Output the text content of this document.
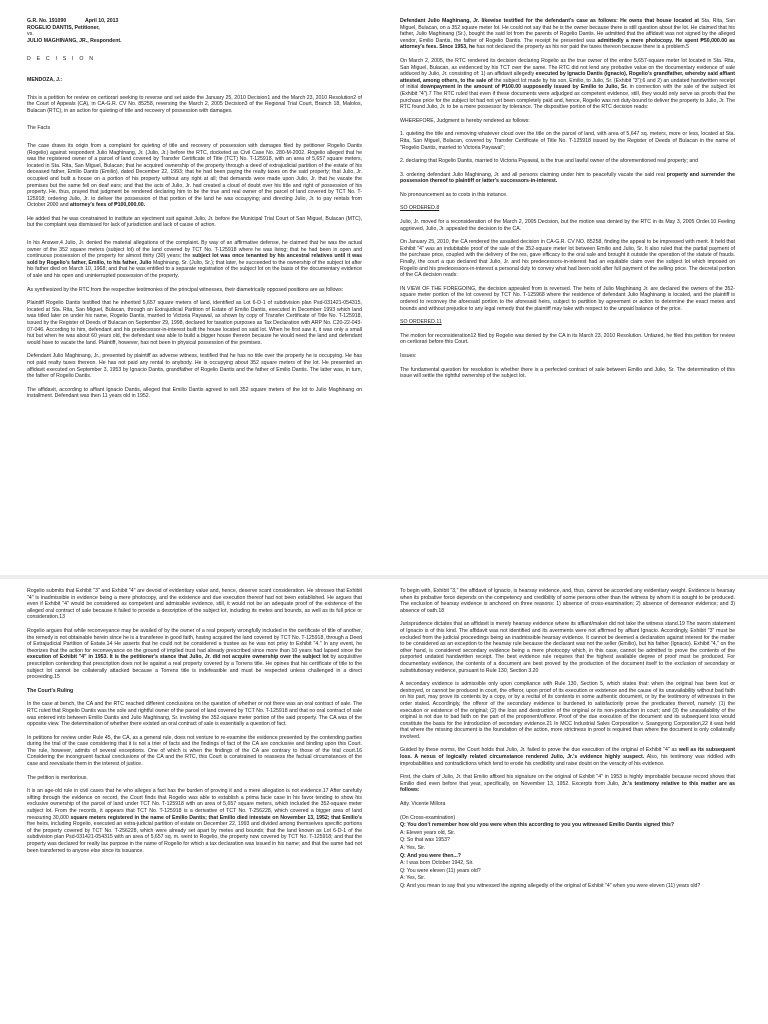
G.R. No. 191090	April 10, 2013

ROGELIO DANTIS, Petitioner,

vs.

JULIO MAGHINANG, JR., Respondent.

D E C I S I O N

MENDOZA, J.:

This is a petition for review on certiorari seeking to reverse and set aside the January 25, 2010 Decision1 and the March 23, 2010 Resolution2 of the Court of Appeals (CA), in CA-G.R. CV No. 85258, reversing the March 2, 2005 Decision3 of the Regional Trial Court, Branch 18, Malolos, Bulacan (RTC), in an action for quieting of title and recovery of possession with damages.

The Facts

The case draws its origin from a complaint for quieting of title and recovery of possession with damages filed by petitioner Rogelio Dantis (Rogelio) against respondent Julio Maghinang, Jr. (Julio, Jr.) before the RTC, docketed as Civil Case No. 280-M-2002. Rogelio alleged that he was the registered owner of a parcel of land covered by Transfer Certificate of Title (TCT) No. T-125918, with an area of 5,657 square meters, located in Sta. Rita, San Miguel, Bulacan; that he acquired ownership of the property through a deed of extrajudicial partition of the estate of his deceased father, Emilio Dantis (Emilio), dated December 22, 1993; that he had been paying the realty taxes on the said property; that Julio, Jr. occupied and built a house on a portion of his property without any right at all; that demands were made upon Julio, Jr. that he vacate the premises but the same fell on deaf ears; and that the acts of Julio, Jr. had created a cloud of doubt over his title and right of possession of his property. He, thus, prayed that judgment be rendered declaring him to be the true and real owner of the parcel of land covered by TCT No. T-125918; ordering Julio, Jr. to deliver the possession of that portion of the land he was occupying; and directing Julio, Jr. to pay rentals from October 2000 and attorney's fees of ₱100,000.00.

He added that he was constrained to institute an ejectment suit against Julio, Jr. before the Municipal Trial Court of San Miguel, Bulacan (MTC), but the complaint was dismissed for lack of jurisdiction and lack of cause of action.

In his Answer,4 Julio, Jr. denied the material allegations of the complaint. By way of an affirmative defense, he claimed that he was the actual owner of the 352 square meters (subject lot) of the land covered by TCT No. T-125918 where he was living; that he had been in open and continuous possession of the property for almost thirty (30) years; the subject lot was once tenanted by his ancestral relatives until it was sold by Rogelio's father, Emilio, to his father, Julio Maghinang, Sr. (Julio, Sr.); that later, he succeeded to the ownership of the subject lot after his father died on March 10, 1968; and that he was entitled to a separate registration of the subject lot on the basis of the documentary evidence of sale and his open and uninterrupted possession of the property.

As synthesized by the RTC from the respective testimonies of the principal witnesses, their diametrically opposed positions are as follows:

Plaintiff Rogelio Dantis testified that he inherited 5,657 square meters of land, identified as Lot 6-D-1 of subdivision plan Psd-031421-054315, located at Sta. Rita, San Miguel, Bulacan, through an Extrajudicial Partition of Estate of Emilio Dantis, executed in December 1993 which land was titled later on under his name, Rogelio Dantis, married to Victoria Payawal, as shown by copy of Transfer Certificate of Title No. T-125918, issued by the Register of Deeds of Bulacan on September 29, 1998, declared for taxation purposes as Tax Declaration with ARP No. C20-22-043-07-046. According to him, defendant and his predecessor-in-interest built the house located on said lot. When he first saw it, it was only a small hut but when he was about 60 years old, the defendant was able to build a bigger house thereon because he would need the land and defendant would have to vacate the land. Plaintiff, however, has not been in physical possession of the premises.

Defendant Julio Maghinang, Jr., presented by plaintiff as adverse witness, testified that he has no title over the property he is occupying. He has not paid realty taxes thereon. He has not paid any rental to anybody. He is occupying about 352 square meters of the lot. He presented an affidavit executed on September 3, 1953 by Ignacio Dantis, grandfather of Rogelio Dantis and the father of Emilio Dantis. The latter was, in turn, the father of Rogelio Dantis.

The affidavit, according to affiant Ignacio Dantis, alleged that Emilio Dantis agreed to sell 352 square meters of the lot to Julio Maghinang on installment. Defendant was then 11 years old in 1952.

Defendant Julio Maghinang, Jr. likewise testified for the defendant's case as follows: He owns that house located at Sta. Rita, San Miguel, Bulacan, on a 352 square meter lot. He could not say that he is the owner because there is still question about the lot. He claimed that his father, Julio Maghinang (Sr.), bought the said lot from the parents of Rogelio Dantis. He admitted that the affidavit was not signed by the alleged vendor, Emilio Dantis, the father of Rogelio Dantis. The receipt he presented was admittedly a mere photocopy. He spent ₱50,000.00 as attorney's fees. Since 1953, he has not declared the property as his nor paid the taxes thereon because there is a problem.5

On March 2, 2005, the RTC rendered its decision declaring Rogelio as the true owner of the entire 5,657-square meter lot located in Sta. Rita, San Miguel, Bulacan, as evidenced by his TCT over the same. The RTC did not lend any probative value on the documentary evidence of sale adduced by Julio, Jr. consisting of: 1) an affidavit allegedly executed by Ignacio Dantis (Ignacio), Rogelio's grandfather, whereby said affiant attested, among others, to the sale of the subject lot made by his son, Emilio, to Julio, Sr. (Exhibit "3");6 and 2) an undated handwritten receipt of initial downpayment in the amount of ₱100.00 supposedly issued by Emilio to Julio, Sr. in connection with the sale of the subject lot (Exhibit "4").7 The RTC ruled that even if these documents were adjudged as competent evidence, still, they would only serve as proofs that the purchase price for the subject lot had not yet been completely paid and, hence, Rogelio was not duty-bound to deliver the property to Julio, Jr. The RTC found Julio, Jr. to be a mere possessor by tolerance. The dispositive portion of the RTC decision reads:

WHEREFORE, Judgment is hereby rendered as follows:

1. quieting the title and removing whatever cloud over the title on the parcel of land, with area of 5,647 sq. meters, more or less, located at Sta. Rita, San Miguel, Bulacan, covered by Transfer Certificate of Title No. T-125918 issued by the Register of Deeds of Bulacan in the name of "Rogelio Dantis, married to Victoria Payawal";

2. declaring that Rogelio Dantis, married to Victoria Payawal, is the true and lawful owner of the aforementioned real property; and

3. ordering defendant Julio Maghinang, Jr. and all persons claiming under him to peacefully vacate the said real property and surrender the possession thereof to plaintiff or latter's successors-in-interest.

No pronouncement as to costs in this instance.

SO ORDERED.8

Julio, Jr. moved for a reconsideration of the March 2, 2005 Decision, but the motion was denied by the RTC in its May 3, 2005 Order.10 Feeling aggrieved, Julio, Jr. appealed the decision to the CA.

On January 25, 2010, the CA rendered the assailed decision in CA-G.R. CV NO. 85258, finding the appeal to be impressed with merit. It held that Exhibit "4" was an indubitable proof of the sale of the 352-square meter lot between Emilio and Julio, Sr. It also ruled that the partial payment of the purchase price, coupled with the delivery of the res, gave efficacy to the oral sale and brought it outside the operation of the statute of frauds. Finally, the court a quo declared that Julio, Jr. and his predecessors-in-interest had an equitable claim over the subject lot which imposed on Rogelio and his predecessors-in-interest a personal duty to convey what had been sold after full payment of the selling price. The decretal portion of the CA decision reads:

IN VIEW OF THE FOREGOING, the decision appealed from is reversed. The heirs of Julio Maghinang Jr. are declared the owners of the 352-square meter portion of the lot covered by TCT No. T-125968 where the residence of defendant Julio Maghinang is located, and the plaintiff is ordered to reconvey the aforesaid portion to the aforesaid heirs, subject to partition by agreement or action to determine the exact metes and bounds and without prejudice to any legal remedy that the plaintiff may take with respect to the unpaid balance of the price.

SO ORDERED.11

The motion for reconsideration12 filed by Rogelio was denied by the CA in its March 23, 2010 Resolution. Unfazed, he filed this petition for review on certiorari before this Court.

Issues:

The fundamental question for resolution is whether there is a perfected contract of sale between Emilio and Julio, Sr. The determination of this issue will settle the rightful ownership of the subject lot.

Rogelio submits that Exhibit "3" and Exhibit "4" are devoid of evidentiary value and, hence, deserve scant consideration. He stresses that Exhibit "4" is inadmissible in evidence being a mere photocopy, and the existence and due execution thereof had not been established. He argues that even if Exhibit "4" would be considered as competent and admissible evidence, still, it would not be an adequate proof of the existence of the alleged oral contract of sale because it failed to provide a description of the subject lot, including its metes and bounds, as well as its full price or consideration.13

Rogelio argues that while reconveyance may be availed of by the owner of a real property wrongfully included in the certificate of title of another, the remedy is not obtainable herein since he is a transferee in good faith, having acquired the land covered by TCT No. T-125918, through a Deed of Extrajudicial Partition of Estate.14 He asserts that he could not be considered a trustee as he was not privy to Exhibit "4." In any event, he theorizes that the action for reconveyance on the ground of implied trust had already prescribed since more than 10 years had lapsed since the execution of Exhibit "4" in 1953. It is the petitioner's stance that Julio, Jr. did not acquire ownership over the subject lot by acquisitive prescription contending that prescription does not lie against a real property covered by a Torrens title. He opines that his certificate of title to the subject lot cannot be collaterally attacked because a Torrens title is indefeasible and must be respected unless challenged in a direct proceeding.15

The Court's Ruling

In the case at bench, the CA and the RTC reached different conclusions on the question of whether or not there was an oral contract of sale. The RTC ruled that Rogelio Dantis was the sole and rightful owner of the parcel of land covered by TCT No. T-125918 and that no oral contract of sale was entered into between Emilio Dantis and Julio Maghinang, Sr. involving the 352-square meter portion of the said property. The CA was of the opposite view. The determination of whether there existed an oral contract of sale is essentially a question of fact.

In petitions for review under Rule 45, the CA, as a general rule, does not venture to re-examine the evidence presented by the contending parties during the trial of the case considering that it is not a trier of facts and the findings of fact of the CA are conclusive and binding upon this Court. The rule, however, admits of several exceptions. One of which is when the findings of the CA are contrary to those of the trial court.16 Considering the incongruent factual conclusions of the CA and the RTC, this Court is constrained to reassess the factual circumstances of the case and reevaluate them in the interest of justice.

The petition is meritorious.

It is an age-old rule in civil cases that he who alleges a fact has the burden of proving it and a mere allegation is not evidence.17 After carefully sifting through the evidence on record, the Court finds that Rogelio was able to establish a prima facie case in his favor tending to show his exclusive ownership of the parcel of land under TCT No. T-125918 with an area of 5,657 square meters, which included the 352-square meter subject lot. From the records, it appears that TCT No. T-125918 is a derivative of TCT No. T-256228, which covered a bigger area of land measuring 30,000 square meters registered in the name of Emilio Dantis; that Emilio died intestate on November 13, 1952; that Emilio's five heirs, including Rogelio, executed an extra-judicial partition of estate on December 22, 1993 and divided among themselves specific portions of the property covered by TCT No. T-256228, which were already set apart by metes and bounds; that the land known as Lot 6-D-1 of the subdivision plan Psd-031421-054315 with an area of 5,657 sq. m. went to Rogelio, the property now covered by TCT No. T-125918; and that the property was declared for realty tax purpose in the name of Rogelio for which a tax declaration was issued in his name; and that the same had not been transferred to anyone else since its issuance.

To begin with, Exhibit "3," the affidavit of Ignacio, is hearsay evidence, and, thus, cannot be accorded any evidentiary weight. Evidence is hearsay when its probative force depends on the competency and credibility of some persons other than the witness by whom it is sought to be produced. The exclusion of hearsay evidence is anchored on three reasons: 1) absence of cross-examination; 2) absence of demeanor evidence; and 3) absence of oath.18

Jurisprudence dictates that an affidavit is merely hearsay evidence where its affiant/maker did not take the witness stand.19 The sworn statement of Ignacio is of this kind. The affidavit was not identified and its averments were not affirmed by affiant Ignacio. Accordingly, Exhibit "3" must be excluded from the judicial proceedings being an inadmissible hearsay evidence. It cannot be deemed a declaration against interest for the matter to be considered as an exception to the hearsay rule because the declarant was not the seller (Emilio), but his father (Ignacio). Exhibit "4," on the other hand, is considered secondary evidence being a mere photocopy which, in this case, cannot be admitted to prove the contents of the purported undated handwritten receipt. The best evidence rule requires that the highest available degree of proof must be produced. For documentary evidence, the contents of a document are best proved by the production of the document itself to the exclusion of secondary or substitutionary evidence, pursuant to Rule 130, Section 3.20

A secondary evidence is admissible only upon compliance with Rule 130, Section 5, which states that: when the original has been lost or destroyed, or cannot be produced in court, the offeror, upon proof of its execution or existence and the cause of its unavailability without bad faith on his part, may prove its contents by a copy, or by a recital of its contents in some authentic document, or by the testimony of witnesses in the order stated. Accordingly, the offeror of the secondary evidence is burdened to satisfactorily prove the predicates thereof, namely: (1) the execution or existence of the original; (2) the loss and destruction of the original or its non-production in court; and (3) the unavailability of the original is not due to bad faith on the part of the proponent/offeror. Proof of the due execution of the document and its subsequent loss would constitute the basis for the introduction of secondary evidence.21 In MCC Industrial Sales Corporation v. Ssangyong Corporation,22 it was held that where the missing document is the foundation of the action, more strictness in proof is required than where the document is only collaterally involved.

Guided by these norms, the Court holds that Julio, Jr. failed to prove the due execution of the original of Exhibit "4" as well as its subsequent loss. A nexus of logically related circumstance rendered Julio, Jr.'s evidence highly suspect. Also, his testimony was riddled with improbabilities and contradictions which tend to erode his credibility and raise doubt on the veracity of his evidence.

First, the claim of Julio, Jr. that Emilio affixed his signature on the original of Exhibit "4" in 1953 is highly improbable because record shows that Emilio died even before that year, specifically, on November 13, 1952. Excerpts from Julio, Jr.'s testimony relative to this matter are as follows:

Atty. Vicente Millora

(On Cross-examination)

Q: You don't remember how old you were when this according to you you witnessed Emilio Dantis signed this?

A: Eleven years old, Sir.

Q: So that was 1953?

A: Yes, Sir.

Q: And you were then...?

A: I was born October 1942, Sir.

Q: You were eleven (11) years old?

A: Yes, Sir.

Q: And you mean to say that you witnessed the signing allegedly of the original of Exhibit "4" when you were eleven (11) years old?
